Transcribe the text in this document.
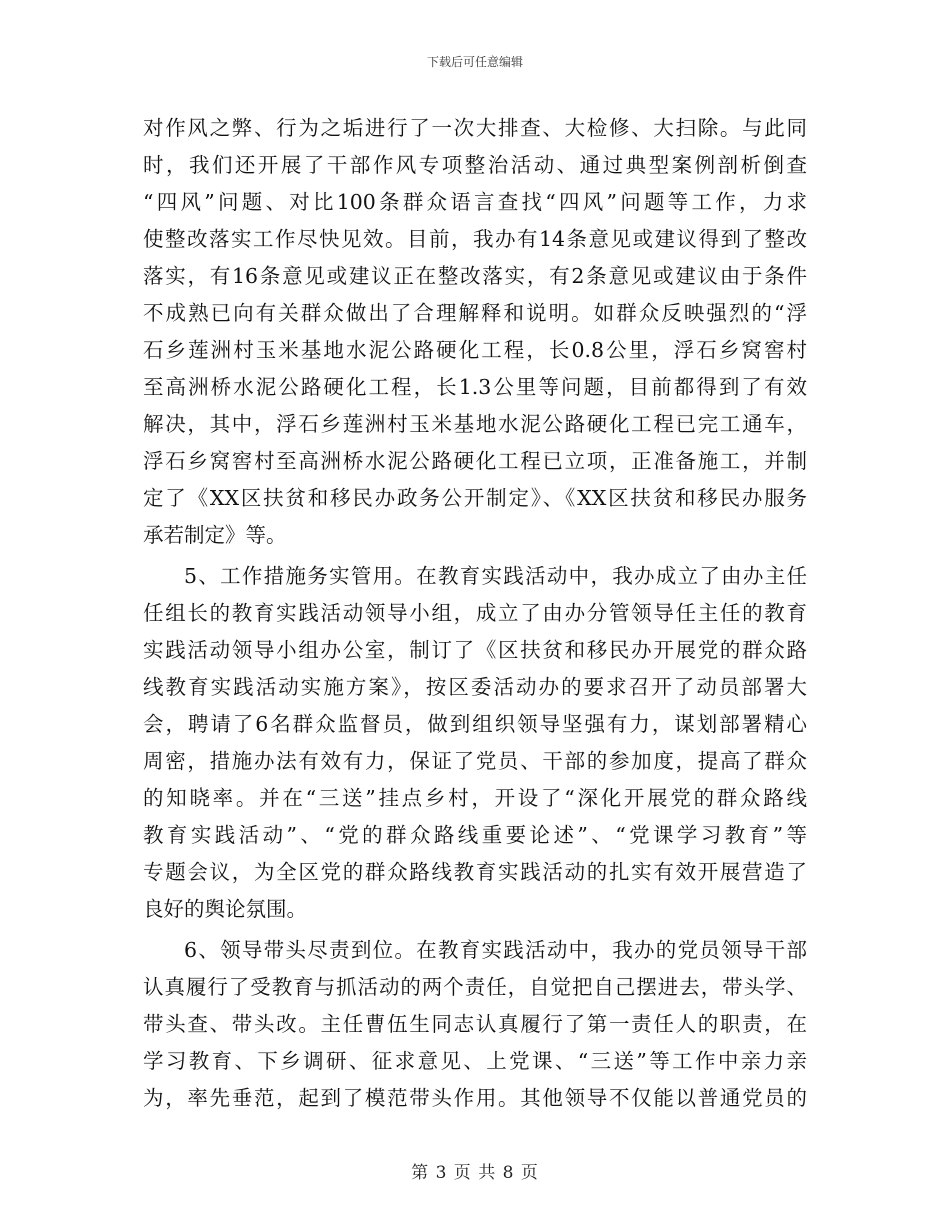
下载后可任意编辑
对作风之弊、行为之垢进行了一次大排查、大检修、大扫除。与此同
时，我们还开展了干部作风专项整治活动、通过典型案例剖析倒查
“四风”问题、对比100条群众语言查找“四风”问题等工作，力求
使整改落实工作尽快见效。目前，我办有14条意见或建议得到了整改
落实，有16条意见或建议正在整改落实，有2条意见或建议由于条件
不成熟已向有关群众做出了合理解释和说明。如群众反映强烈的“浮
石乡莲洲村玉米基地水泥公路硬化工程，长0.8公里，浮石乡窝窖村
至高洲桥水泥公路硬化工程，长1.3公里等问题，目前都得到了有效
解决，其中，浮石乡莲洲村玉米基地水泥公路硬化工程已完工通车，
浮石乡窝窖村至高洲桥水泥公路硬化工程已立项，正准备施工，并制
定了《XX区扶贫和移民办政务公开制定》、《XX区扶贫和移民办服务
承若制定》等。
5、工作措施务实管用。在教育实践活动中，我办成立了由办主任
任组长的教育实践活动领导小组，成立了由办分管领导任主任的教育
实践活动领导小组办公室，制订了《区扶贫和移民办开展党的群众路
线教育实践活动实施方案》，按区委活动办的要求召开了动员部署大
会，聘请了6名群众监督员，做到组织领导坚强有力，谋划部署精心
周密，措施办法有效有力，保证了党员、干部的参加度，提高了群众
的知晓率。并在“三送”挂点乡村，开设了“深化开展党的群众路线
教育实践活动”、“党的群众路线重要论述”、“党课学习教育”等
专题会议，为全区党的群众路线教育实践活动的扎实有效开展营造了
良好的舆论氛围。
6、领导带头尽责到位。在教育实践活动中，我办的党员领导干部
认真履行了受教育与抓活动的两个责任，自觉把自己摆进去，带头学、
带头查、带头改。主任曹伍生同志认真履行了第一责任人的职责，在
学习教育、下乡调研、征求意见、上党课、“三送”等工作中亲力亲
为，率先垂范，起到了模范带头作用。其他领导不仅能以普通党员的
第 3 页 共 8 页
